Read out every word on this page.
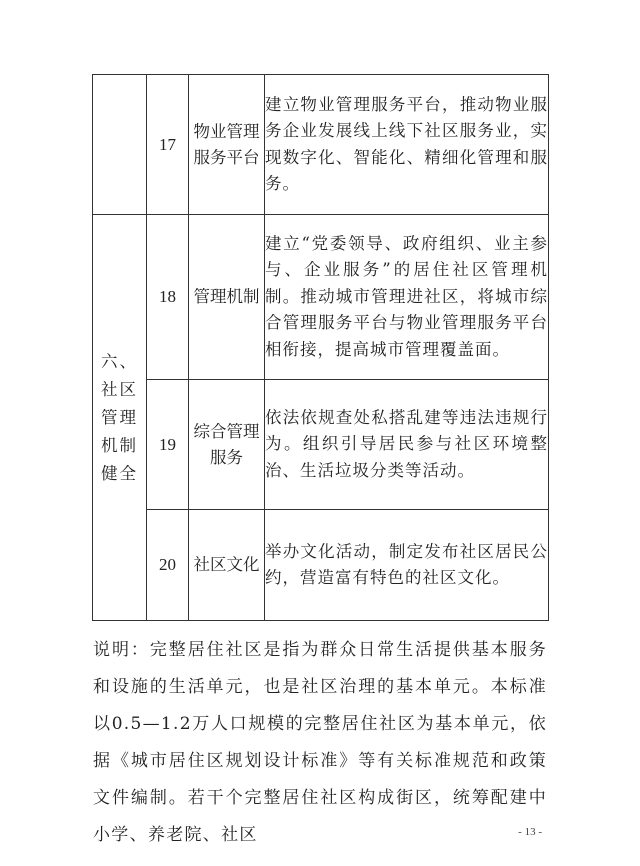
	17	物业管理服务平台	建立物业管理服务平台，推动物业服务企业发展线上线下社区服务业，实现数字化、智能化、精细化管理和服务。
六、社区管理机制健全	18	管理机制	建立“党委领导、政府组织、业主参与、企业服务”的居住社区管理机制。推动城市管理进社区，将城市综合管理服务平台与物业管理服务平台相衔接，提高城市管理覆盖面。
	19	综合管理服务	依法依规查处私搭乱建等违法违规行为。组织引导居民参与社区环境整治、生活垃圾分类等活动。
	20	社区文化	举办文化活动，制定发布社区居民公约，营造富有特色的社区文化。

说明：完整居住社区是指为群众日常生活提供基本服务和设施的生活单元，也是社区治理的基本单元。本标准以0.5—1.2万人口规模的完整居住社区为基本单元，依据《城市居住区规划设计标准》等有关标准规范和政策文件编制。若干个完整居住社区构成街区，统筹配建中小学、养老院、社区	- 13 -
